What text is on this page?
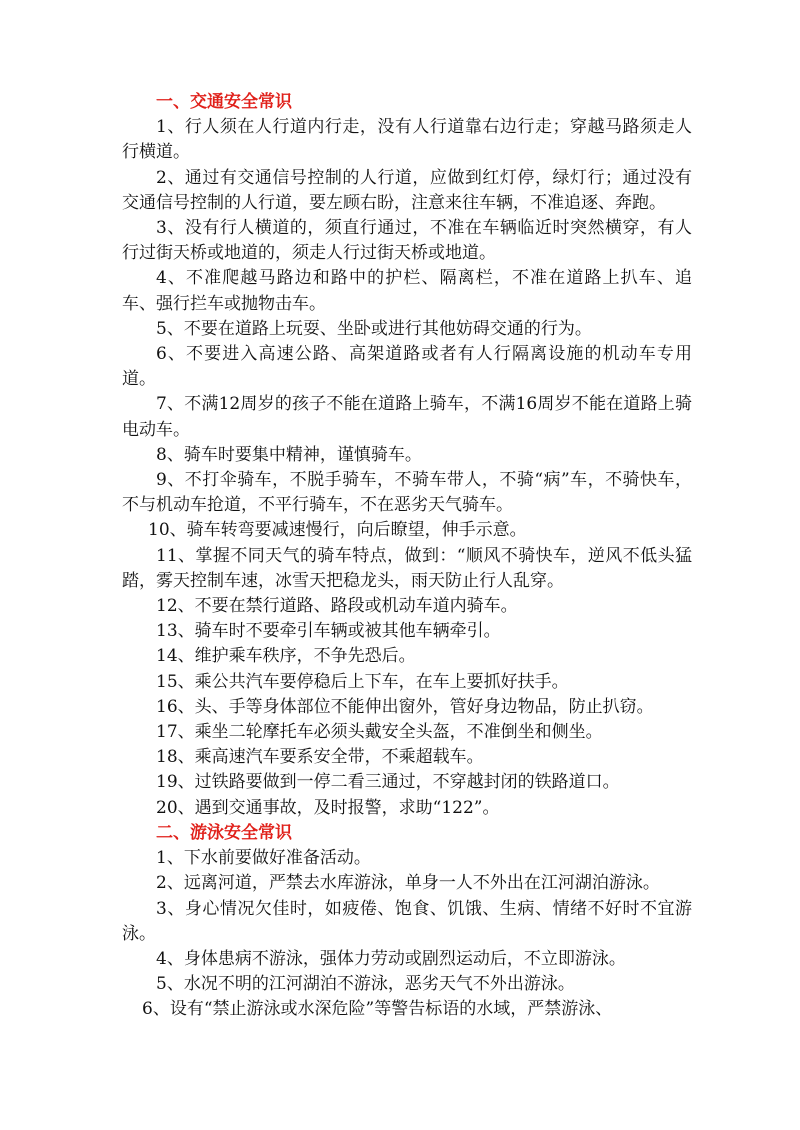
一、交通安全常识

1、行人须在人行道内行走，没有人行道靠右边行走；穿越马路须走人行横道。

2、通过有交通信号控制的人行道，应做到红灯停，绿灯行；通过没有交通信号控制的人行道，要左顾右盼，注意来往车辆，不准追逐、奔跑。

3、没有行人横道的，须直行通过，不准在车辆临近时突然横穿，有人行过街天桥或地道的，须走人行过街天桥或地道。

4、不准爬越马路边和路中的护栏、隔离栏，不准在道路上扒车、追车、强行拦车或抛物击车。

5、不要在道路上玩耍、坐卧或进行其他妨碍交通的行为。

6、不要进入高速公路、高架道路或者有人行隔离设施的机动车专用道。

7、不满12周岁的孩子不能在道路上骑车，不满16周岁不能在道路上骑电动车。

8、骑车时要集中精神，谨慎骑车。

9、不打伞骑车，不脱手骑车，不骑车带人，不骑“病”车，不骑快车，不与机动车抢道，不平行骑车，不在恶劣天气骑车。

10、骑车转弯要减速慢行，向后瞭望，伸手示意。

11、掌握不同天气的骑车特点，做到：“顺风不骑快车，逆风不低头猛踏，雾天控制车速，冰雪天把稳龙头，雨天防止行人乱穿。

12、不要在禁行道路、路段或机动车道内骑车。

13、骑车时不要牵引车辆或被其他车辆牵引。

14、维护乘车秩序，不争先恐后。

15、乘公共汽车要停稳后上下车，在车上要抓好扶手。

16、头、手等身体部位不能伸出窗外，管好身边物品，防止扒窃。

17、乘坐二轮摩托车必须头戴安全头盔，不准倒坐和侧坐。

18、乘高速汽车要系安全带，不乘超载车。

19、过铁路要做到一停二看三通过，不穿越封闭的铁路道口。

20、遇到交通事故，及时报警，求助“122”。

二、游泳安全常识

1、下水前要做好准备活动。

2、远离河道，严禁去水库游泳，单身一人不外出在江河湖泊游泳。

3、身心情况欠佳时，如疲倦、饱食、饥饿、生病、情绪不好时不宜游泳。

4、身体患病不游泳，强体力劳动或剧烈运动后，不立即游泳。

5、水况不明的江河湖泊不游泳，恶劣天气不外出游泳。

6、设有“禁止游泳或水深危险”等警告标语的水域，严禁游泳、
